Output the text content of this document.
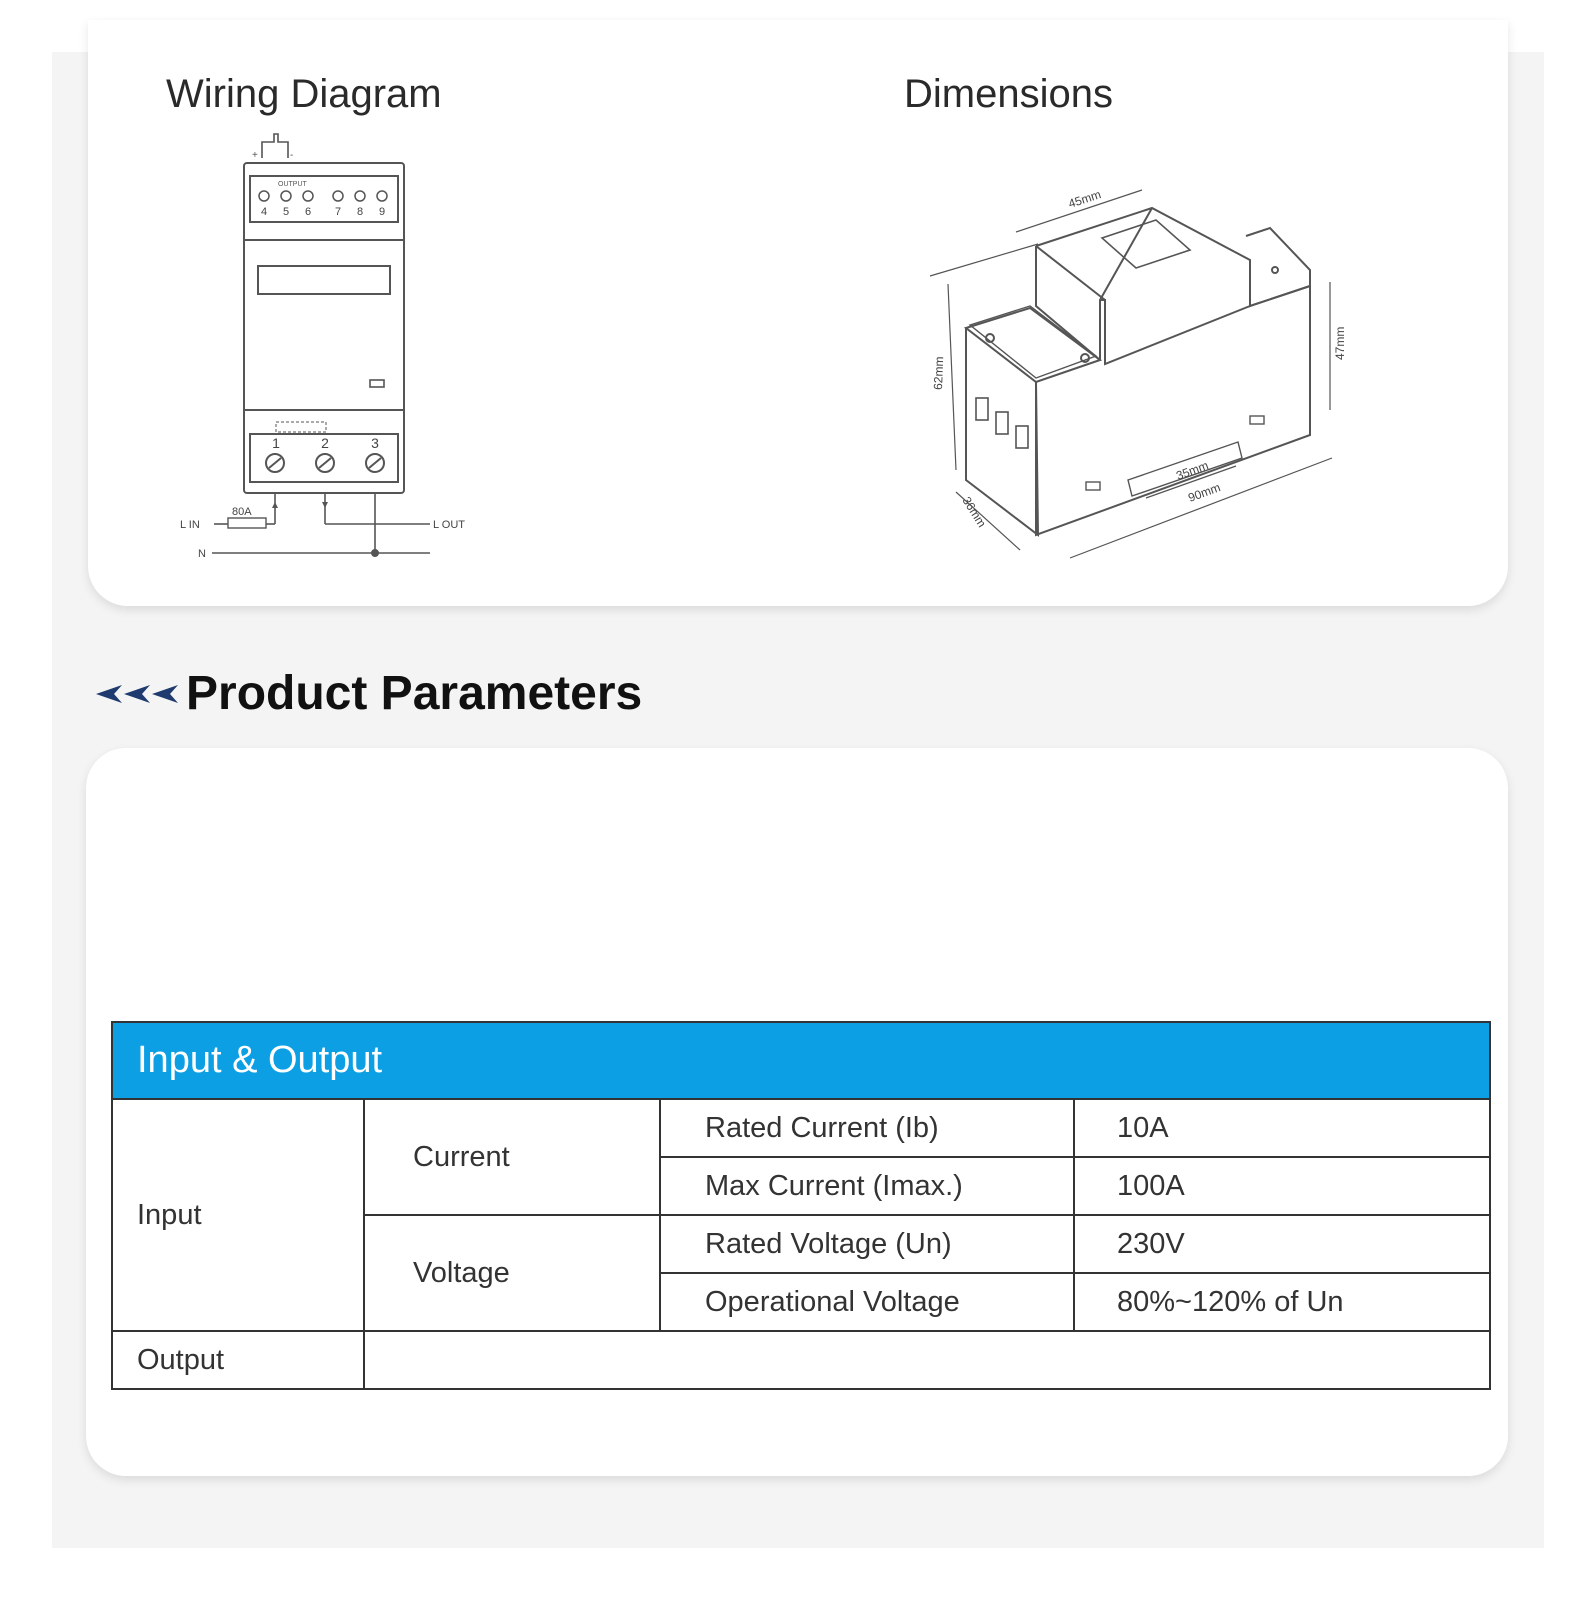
Wiring Diagram	Dimensions
+	-
OUTPUT
4 5 6 7 8 9
1	2	3
80A
L IN	L OUT
N
45mm
62mm
47mm
36mm
35mm
90mm
Product Parameters
Input & Output			
Input	Current	Rated Current (Ib)	10A
		Max Current (Imax.)	100A
	Voltage	Rated Voltage (Un)	230V
		Operational Voltage	80%~120% of Un
Output			
